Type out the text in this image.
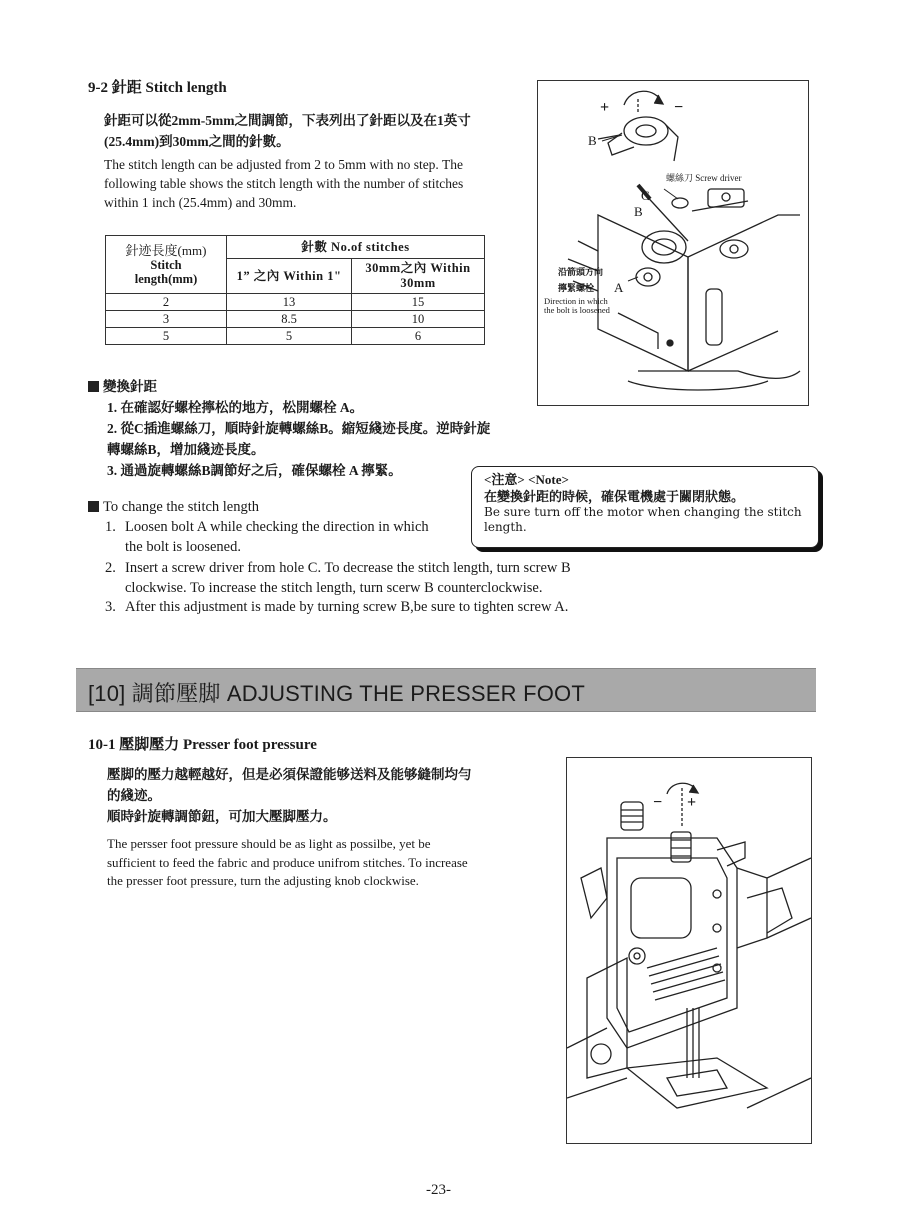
9-2 針距 Stitch length
針距可以從2mm-5mm之間調節，下表列出了針距以及在1英寸(25.4mm)到30mm之間的針數。
The stitch length can be adjusted from 2 to 5mm with no step. The following table shows the stitch length with the number of stitches within 1 inch (25.4mm) and 30mm.
針迹長度(mm)
Stitch length(mm)	針數 No.of stitches	
	1” 之內 Within 1"	30mm之內 Within 30mm
2	13	15
3	8.5	10
5	5	6
變換針距
1. 在確認好螺栓擰松的地方，松開螺栓 A。
2. 從C插進螺絲刀，順時針旋轉螺絲B。縮短綫迹長度。逆時針旋轉螺絲B，增加綫迹長度。
3. 通過旋轉螺絲B調節好之后，確保螺栓 A 擰緊。
To change the stitch length
1. Loosen bolt A while checking the direction in which the bolt is loosened.
2. Insert a screw driver from hole C. To decrease the stitch length, turn screw B clockwise. To increase the stitch length, turn scerw B counterclockwise.
3. After this adjustment is made by turning screw B,be sure to tighten screw A.
<注意> <Note>
在變換針距的時候，確保電機處于關閉狀態。
Be sure turn off the motor when changing the stitch length.
+	−
B
螺絲刀 Screw driver
C
B
沿箭頭方向
擰緊螺栓 A
Direction in which
the bolt is loosened
[10] 調節壓脚 ADJUSTING THE PRESSER FOOT
10-1 壓脚壓力 Presser foot pressure
壓脚的壓力越輕越好，但是必須保證能够送料及能够縫制均勻的綫迹。
順時針旋轉調節鈕，可加大壓脚壓力。
The persser foot pressure should be as light as possilbe, yet be sufficient to feed the fabric and produce unifrom stitches. To increase the presser foot pressure, turn the adjusting knob clockwise.
− +
-23-
